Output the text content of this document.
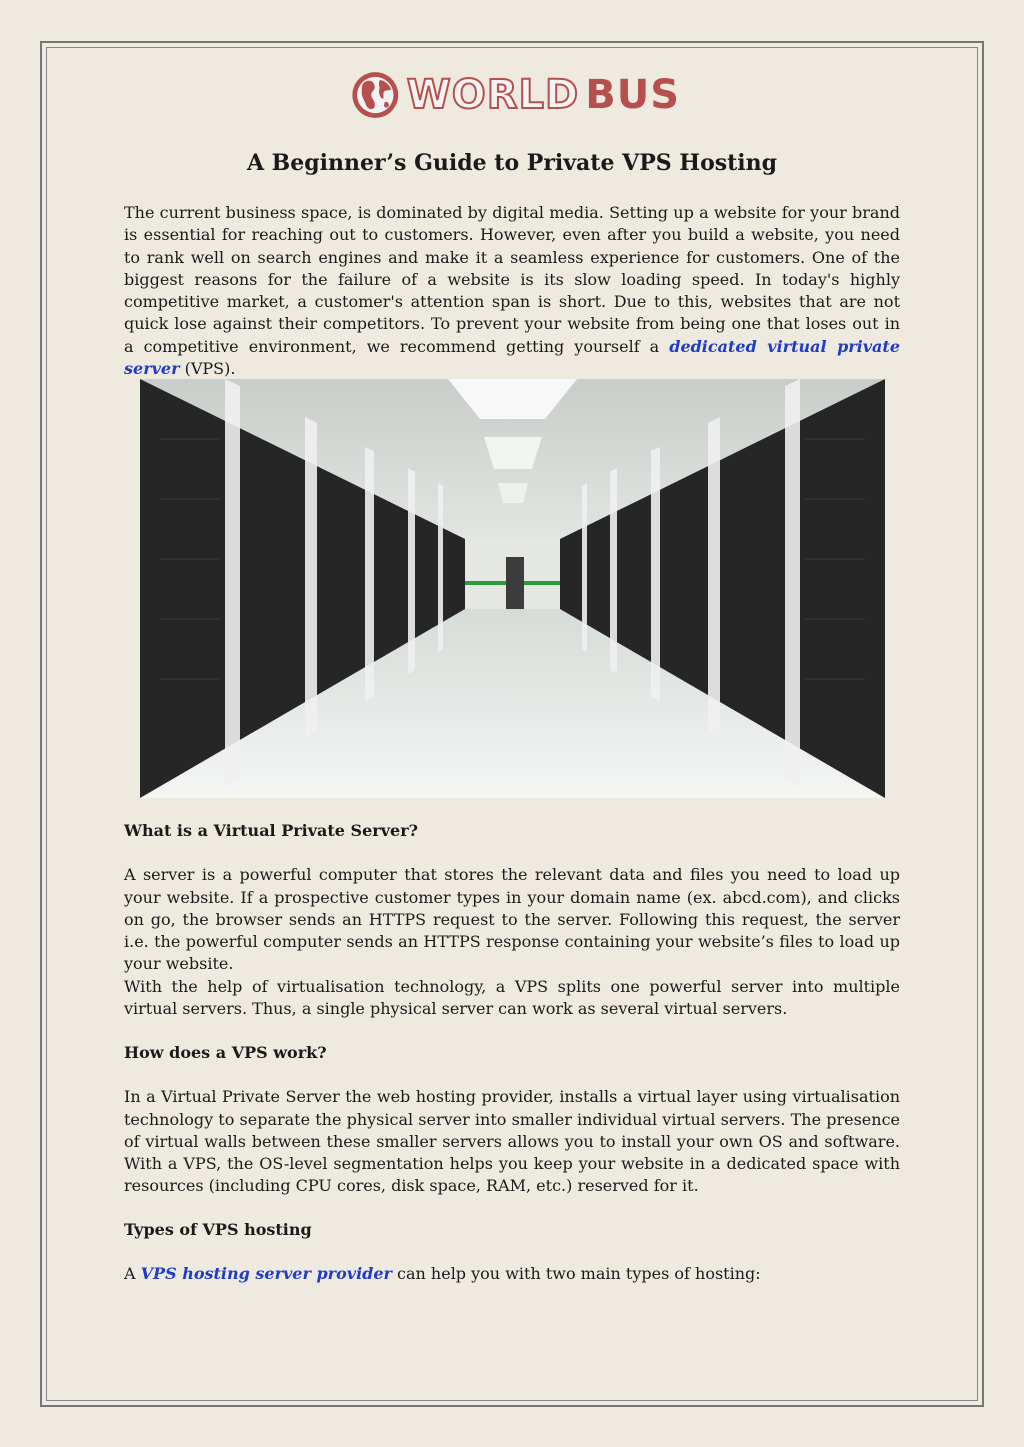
WORLD BUS
A Beginner’s Guide to Private VPS Hosting

The current business space, is dominated by digital media. Setting up a website for your brand is essential for reaching out to customers. However, even after you build a website, you need to rank well on search engines and make it a seamless experience for customers. One of the biggest reasons for the failure of a website is its slow loading speed. In today's highly competitive market, a customer's attention span is short. Due to this, websites that are not quick lose against their competitors. To prevent your website from being one that loses out in a competitive environment, we recommend getting yourself a dedicated virtual private server (VPS).

What is a Virtual Private Server?

A server is a powerful computer that stores the relevant data and files you need to load up your website. If a prospective customer types in your domain name (ex. abcd.com), and clicks on go, the browser sends an HTTPS request to the server. Following this request, the server i.e. the powerful computer sends an HTTPS response containing your website’s files to load up your website.

With the help of virtualisation technology, a VPS splits one powerful server into multiple virtual servers. Thus, a single physical server can work as several virtual servers.

How does a VPS work?

In a Virtual Private Server the web hosting provider, installs a virtual layer using virtualisation technology to separate the physical server into smaller individual virtual servers. The presence of virtual walls between these smaller servers allows you to install your own OS and software. With a VPS, the OS-level segmentation helps you keep your website in a dedicated space with resources (including CPU cores, disk space, RAM, etc.) reserved for it.

Types of VPS hosting

A VPS hosting server provider can help you with two main types of hosting:
